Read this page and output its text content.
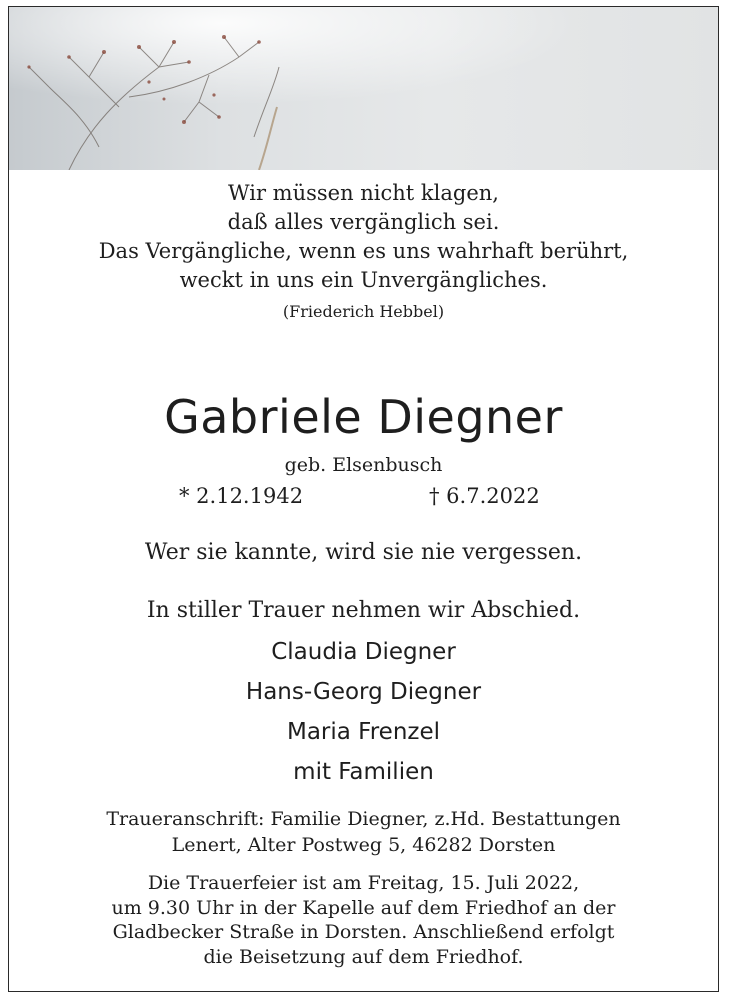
Wir müssen nicht klagen,
daß alles vergänglich sei.
Das Vergängliche, wenn es uns wahrhaft berührt,
weckt in uns ein Unvergängliches.
(Friederich Hebbel)
Gabriele Diegner
geb. Elsenbusch
* 2.12.1942	† 6.7.2022
Wer sie kannte, wird sie nie vergessen.
In stiller Trauer nehmen wir Abschied.
Claudia Diegner
Hans-Georg Diegner
Maria Frenzel
mit Familien
Traueranschrift: Familie Diegner, z.Hd. Bestattungen
Lenert, Alter Postweg 5, 46282 Dorsten
Die Trauerfeier ist am Freitag, 15. Juli 2022,
um 9.30 Uhr in der Kapelle auf dem Friedhof an der
Gladbecker Straße in Dorsten. Anschließend erfolgt
die Beisetzung auf dem Friedhof.
